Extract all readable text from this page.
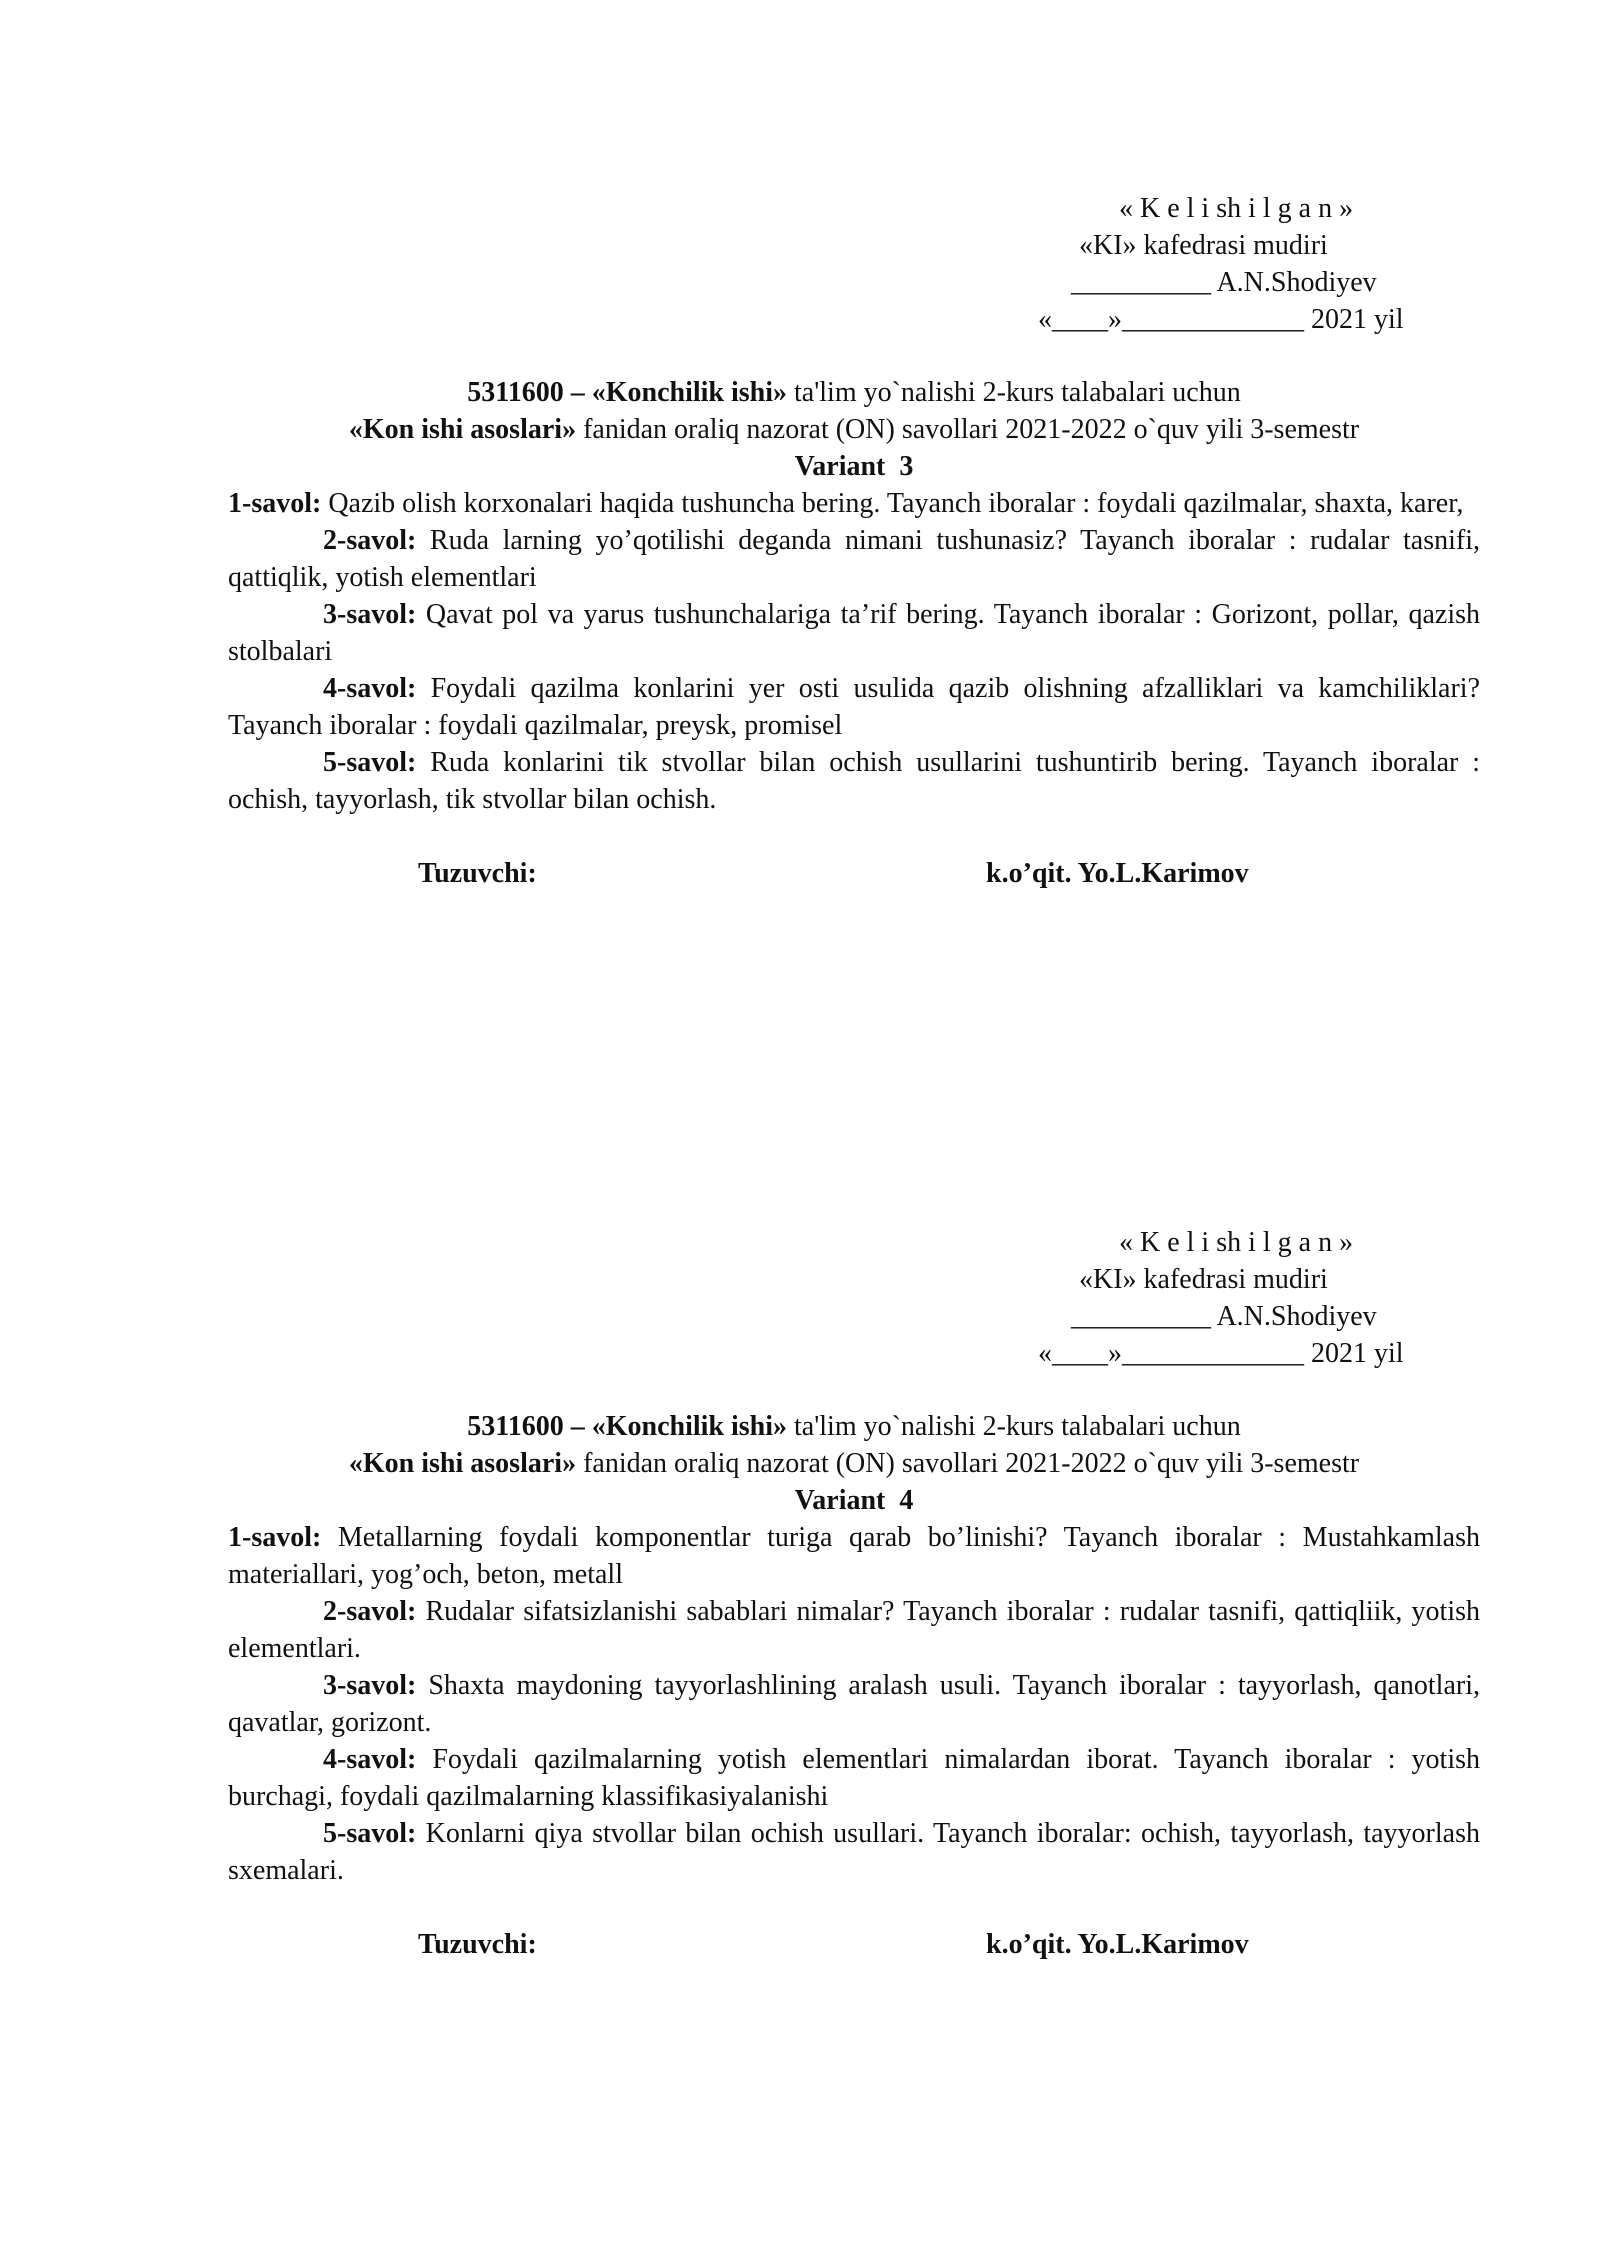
« K e l i sh i l g a n »
«KI» kafedrasi mudiri
__________ A.N.Shodiyev
«____»_____________ 2021 yil
5311600 – «Konchilik ishi» ta'lim yo`nalishi 2-kurs talabalari uchun
«Kon ishi asoslari» fanidan oraliq nazorat (ON) savollari 2021-2022 o`quv yili 3-semestr
Variant  3

1-savol: Qazib olish korxonalari haqida tushuncha bering. Tayanch iboralar : foydali qazilmalar, shaxta, karer,

2-savol: Ruda larning yo’qotilishi deganda nimani tushunasiz? Tayanch iboralar : rudalar tasnifi, qattiqlik, yotish elementlari

3-savol: Qavat pol va yarus tushunchalariga ta’rif bering. Tayanch iboralar : Gorizont, pollar, qazish stolbalari

4-savol: Foydali qazilma konlarini yer osti usulida qazib olishning afzalliklari va kamchiliklari? Tayanch iboralar : foydali qazilmalar, preysk, promisel

5-savol: Ruda konlarini tik stvollar bilan ochish usullarini tushuntirib bering. Tayanch iboralar : ochish, tayyorlash, tik stvollar bilan ochish.

Tuzuvchi:	k.o’qit. Yo.L.Karimov
« K e l i sh i l g a n »
«KI» kafedrasi mudiri
__________ A.N.Shodiyev
«____»_____________ 2021 yil
5311600 – «Konchilik ishi» ta'lim yo`nalishi 2-kurs talabalari uchun
«Kon ishi asoslari» fanidan oraliq nazorat (ON) savollari 2021-2022 o`quv yili 3-semestr
Variant  4

1-savol: Metallarning foydali komponentlar turiga qarab bo’linishi? Tayanch iboralar : Mustahkamlash materiallari, yog’och, beton, metall

2-savol: Rudalar sifatsizlanishi sabablari nimalar? Tayanch iboralar : rudalar tasnifi, qattiqliik, yotish elementlari.

3-savol: Shaxta maydoning tayyorlashlining aralash usuli. Tayanch iboralar : tayyorlash, qanotlari, qavatlar, gorizont.

4-savol: Foydali qazilmalarning yotish elementlari nimalardan iborat. Tayanch iboralar : yotish burchagi, foydali qazilmalarning klassifikasiyalanishi

5-savol: Konlarni qiya stvollar bilan ochish usullari. Tayanch iboralar: ochish, tayyorlash, tayyorlash sxemalari.

Tuzuvchi:	k.o’qit. Yo.L.Karimov
